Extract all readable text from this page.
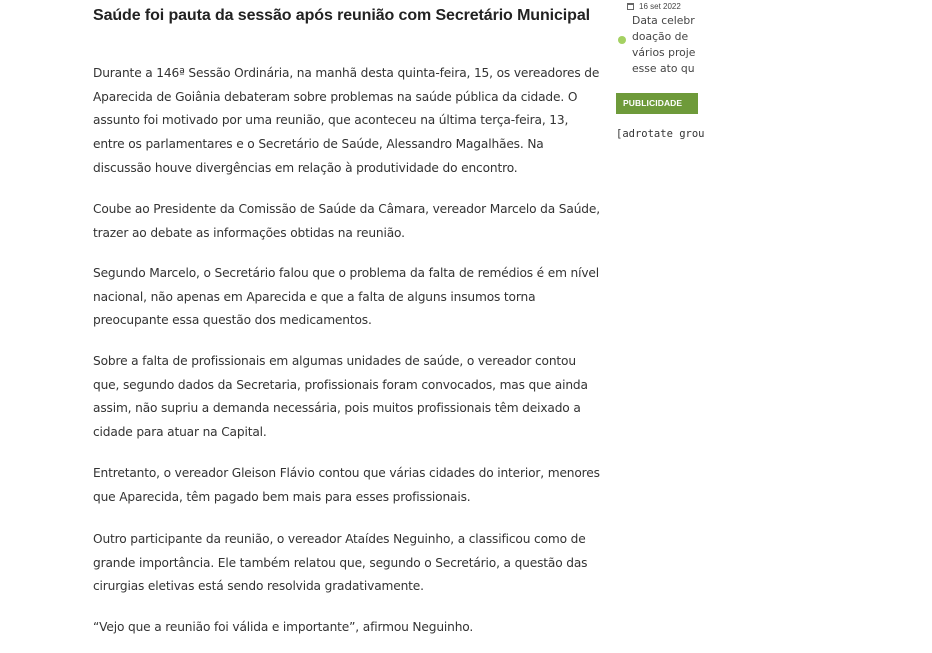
Saúde foi pauta da sessão após reunião com Secretário Municipal

Durante a 146ª Sessão Ordinária, na manhã desta quinta-feira, 15, os vereadores de Aparecida de Goiânia debateram sobre problemas na saúde pública da cidade. O assunto foi motivado por uma reunião, que aconteceu na última terça-feira, 13, entre os parlamentares e o Secretário de Saúde, Alessandro Magalhães. Na discussão houve divergências em relação à produtividade do encontro.

Coube ao Presidente da Comissão de Saúde da Câmara, vereador Marcelo da Saúde, trazer ao debate as informações obtidas na reunião.

Segundo Marcelo, o Secretário falou que o problema da falta de remédios é em nível nacional, não apenas em Aparecida e que a falta de alguns insumos torna preocupante essa questão dos medicamentos.

Sobre a falta de profissionais em algumas unidades de saúde, o vereador contou que, segundo dados da Secretaria, profissionais foram convocados, mas que ainda assim, não supriu a demanda necessária, pois muitos profissionais têm deixado a cidade para atuar na Capital.

Entretanto, o vereador Gleison Flávio contou que várias cidades do interior, menores que Aparecida, têm pagado bem mais para esses profissionais.

Outro participante da reunião, o vereador Ataídes Neguinho, a classificou como de grande importância. Ele também relatou que, segundo o Secretário, a questão das cirurgias eletivas está sendo resolvida gradativamente.

“Vejo que a reunião foi válida e importante”, afirmou Neguinho.

16 set 2022
Data celebr
doação de
vários proje
esse ato qu
PUBLICIDADE
[adrotate grou
